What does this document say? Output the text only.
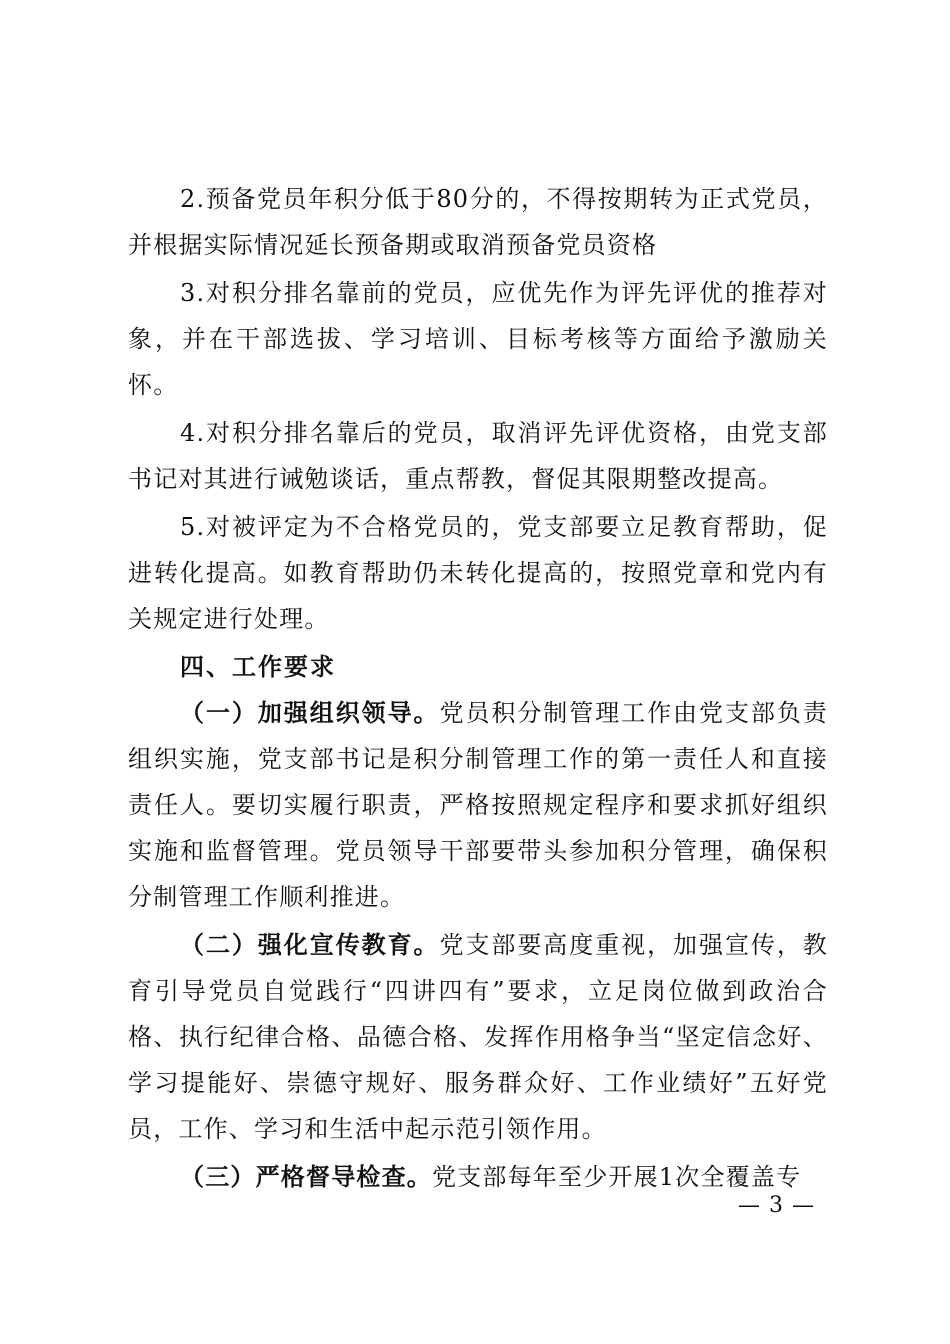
2.预备党员年积分低于80分的，不得按期转为正式党员，并根据实际情况延长预备期或取消预备党员资格

3.对积分排名靠前的党员，应优先作为评先评优的推荐对象，并在干部选拔、学习培训、目标考核等方面给予激励关怀。

4.对积分排名靠后的党员，取消评先评优资格，由党支部书记对其进行诫勉谈话，重点帮教，督促其限期整改提高。

5.对被评定为不合格党员的，党支部要立足教育帮助，促进转化提高。如教育帮助仍未转化提高的，按照党章和党内有关规定进行处理。

四、工作要求

（一）加强组织领导。党员积分制管理工作由党支部负责组织实施，党支部书记是积分制管理工作的第一责任人和直接责任人。要切实履行职责，严格按照规定程序和要求抓好组织实施和监督管理。党员领导干部要带头参加积分管理，确保积分制管理工作顺利推进。

（二）强化宣传教育。党支部要高度重视，加强宣传，教育引导党员自觉践行“四讲四有”要求，立足岗位做到政治合格、执行纪律合格、品德合格、发挥作用格争当“坚定信念好、学习提能好、崇德守规好、服务群众好、工作业绩好”五好党员，工作、学习和生活中起示范引领作用。

（三）严格督导检查。党支部每年至少开展1次全覆盖专

— 3 —
